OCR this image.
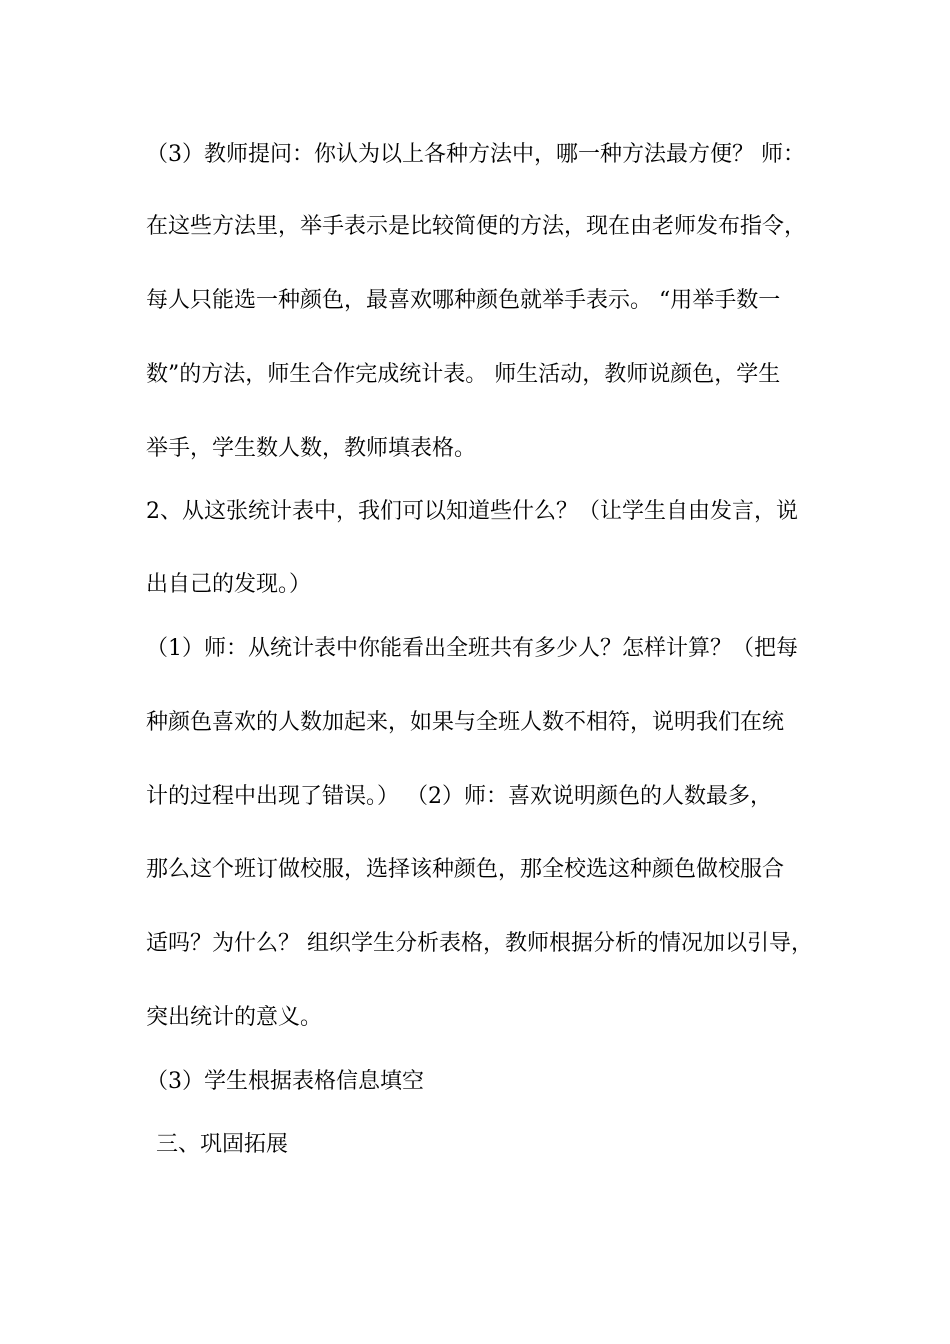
（3）教师提问：你认为以上各种方法中，哪一种方法最方便？ 师：
在这些方法里，举手表示是比较简便的方法，现在由老师发布指令，
每人只能选一种颜色，最喜欢哪种颜色就举手表示。 “用举手数一
数”的方法，师生合作完成统计表。 师生活动，教师说颜色，学生
举手，学生数人数，教师填表格。
2、从这张统计表中，我们可以知道些什么？（让学生自由发言，说
出自己的发现。）
（1）师：从统计表中你能看出全班共有多少人？怎样计算？（把每
种颜色喜欢的人数加起来，如果与全班人数不相符，说明我们在统
计的过程中出现了错误。） （2）师：喜欢说明颜色的人数最多，
那么这个班订做校服，选择该种颜色，那全校选这种颜色做校服合
适吗？为什么？ 组织学生分析表格，教师根据分析的情况加以引导，
突出统计的意义。
（3）学生根据表格信息填空
三、巩固拓展
